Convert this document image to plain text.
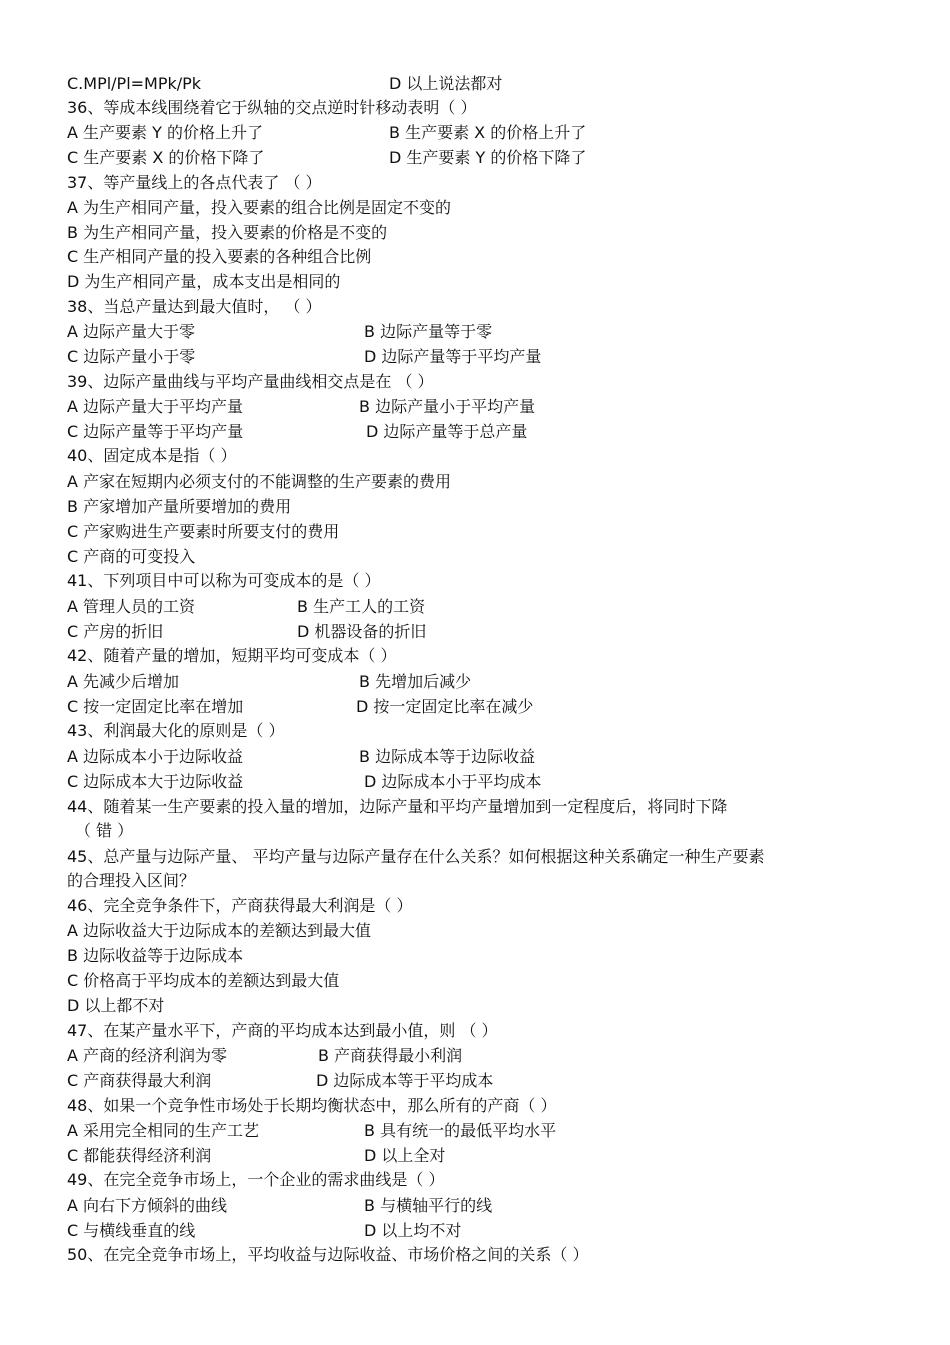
C.MPl/Pl=MPk/Pk	D 以上说法都对
36、等成本线围绕着它于纵轴的交点逆时针移动表明（ ）
A 生产要素 Y 的价格上升了	B 生产要素 X 的价格上升了
C 生产要素 X 的价格下降了	D 生产要素 Y 的价格下降了
37、等产量线上的各点代表了 （ ）
A 为生产相同产量，投入要素的组合比例是固定不变的
B 为生产相同产量，投入要素的价格是不变的
C 生产相同产量的投入要素的各种组合比例
D 为生产相同产量，成本支出是相同的
38、当总产量达到最大值时， （ ）
A 边际产量大于零	B 边际产量等于零
C 边际产量小于零	D 边际产量等于平均产量
39、边际产量曲线与平均产量曲线相交点是在 （ ）
A 边际产量大于平均产量	B 边际产量小于平均产量
C 边际产量等于平均产量	D 边际产量等于总产量
40、固定成本是指（ ）
A 产家在短期内必须支付的不能调整的生产要素的费用
B 产家增加产量所要增加的费用
C 产家购进生产要素时所要支付的费用
C 产商的可变投入
41、下列项目中可以称为可变成本的是（ ）
A 管理人员的工资	B 生产工人的工资
C 产房的折旧	D 机器设备的折旧
42、随着产量的增加，短期平均可变成本（ ）
A 先减少后增加	B 先增加后减少
C 按一定固定比率在增加	D 按一定固定比率在减少
43、利润最大化的原则是（ ）
A 边际成本小于边际收益	B 边际成本等于边际收益
C 边际成本大于边际收益	D 边际成本小于平均成本
44、随着某一生产要素的投入量的增加，边际产量和平均产量增加到一定程度后，将同时下降
（ 错 ）
45、总产量与边际产量、 平均产量与边际产量存在什么关系？如何根据这种关系确定一种生产要素
的合理投入区间？
46、完全竞争条件下，产商获得最大利润是（ ）
A 边际收益大于边际成本的差额达到最大值
B 边际收益等于边际成本
C 价格高于平均成本的差额达到最大值
D 以上都不对
47、在某产量水平下，产商的平均成本达到最小值，则 （ ）
A 产商的经济利润为零	B 产商获得最小利润
C 产商获得最大利润	D 边际成本等于平均成本
48、如果一个竞争性市场处于长期均衡状态中，那么所有的产商（ ）
A 采用完全相同的生产工艺	B 具有统一的最低平均水平
C 都能获得经济利润	D 以上全对
49、在完全竞争市场上，一个企业的需求曲线是（ ）
A 向右下方倾斜的曲线	B 与横轴平行的线
C 与横线垂直的线	D 以上均不对
50、在完全竞争市场上，平均收益与边际收益、市场价格之间的关系（ ）
